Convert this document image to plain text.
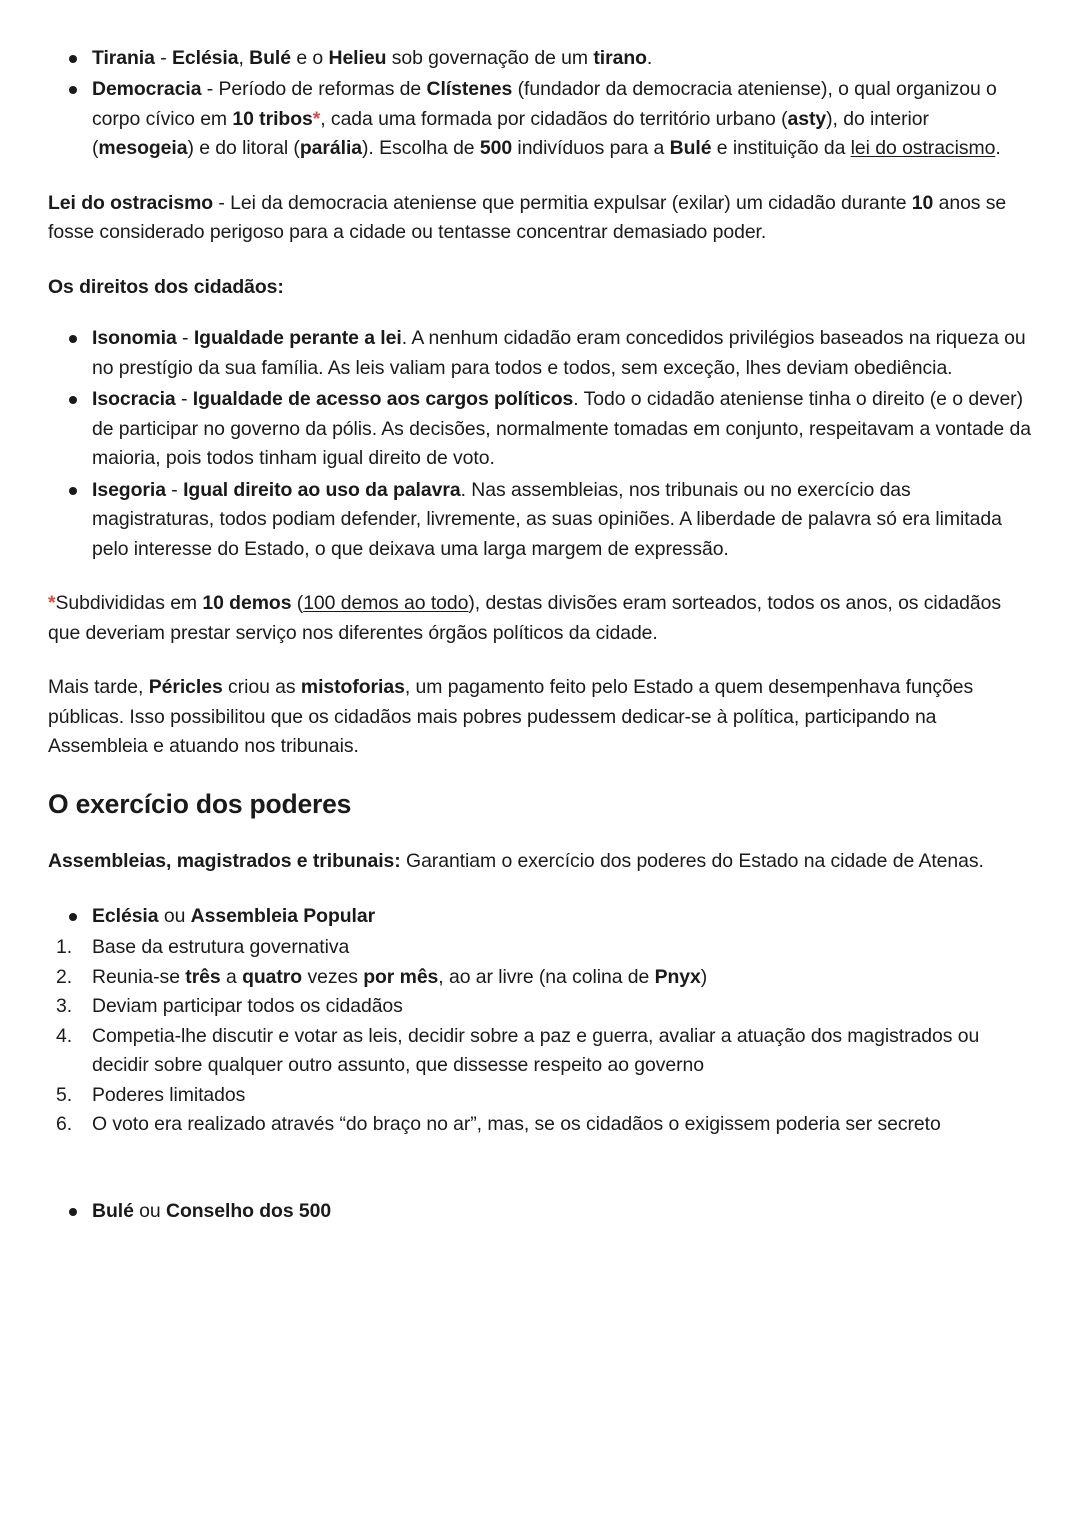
Tirania - Eclésia, Bulé e o Helieu sob governação de um tirano.
Democracia - Período de reformas de Clístenes (fundador da democracia ateniense), o qual organizou o corpo cívico em 10 tribos*, cada uma formada por cidadãos do território urbano (asty), do interior (mesogeia) e do litoral (parália). Escolha de 500 indivíduos para a Bulé e instituição da lei do ostracismo.

Lei do ostracismo - Lei da democracia ateniense que permitia expulsar (exilar) um cidadão durante 10 anos se fosse considerado perigoso para a cidade ou tentasse concentrar demasiado poder.

Os direitos dos cidadãos:

Isonomia - Igualdade perante a lei. A nenhum cidadão eram concedidos privilégios baseados na riqueza ou no prestígio da sua família. As leis valiam para todos e todos, sem exceção, lhes deviam obediência.
Isocracia - Igualdade de acesso aos cargos políticos. Todo o cidadão ateniense tinha o direito (e o dever) de participar no governo da pólis. As decisões, normalmente tomadas em conjunto, respeitavam a vontade da maioria, pois todos tinham igual direito de voto.
Isegoria - Igual direito ao uso da palavra. Nas assembleias, nos tribunais ou no exercício das magistraturas, todos podiam defender, livremente, as suas opiniões. A liberdade de palavra só era limitada pelo interesse do Estado, o que deixava uma larga margem de expressão.

*Subdivididas em 10 demos (100 demos ao todo), destas divisões eram sorteados, todos os anos, os cidadãos que deveriam prestar serviço nos diferentes órgãos políticos da cidade.

Mais tarde, Péricles criou as mistoforias, um pagamento feito pelo Estado a quem desempenhava funções públicas. Isso possibilitou que os cidadãos mais pobres pudessem dedicar-se à política, participando na Assembleia e atuando nos tribunais.

O exercício dos poderes

Assembleias, magistrados e tribunais: Garantiam o exercício dos poderes do Estado na cidade de Atenas.

Eclésia ou Assembleia Popular
Base da estrutura governativa
Reunia-se três a quatro vezes por mês, ao ar livre (na colina de Pnyx)
Deviam participar todos os cidadãos
Competia-lhe discutir e votar as leis, decidir sobre a paz e guerra, avaliar a atuação dos magistrados ou decidir sobre qualquer outro assunto, que dissesse respeito ao governo
Poderes limitados
O voto era realizado através “do braço no ar”, mas, se os cidadãos o exigissem poderia ser secreto
Bulé ou Conselho dos 500
